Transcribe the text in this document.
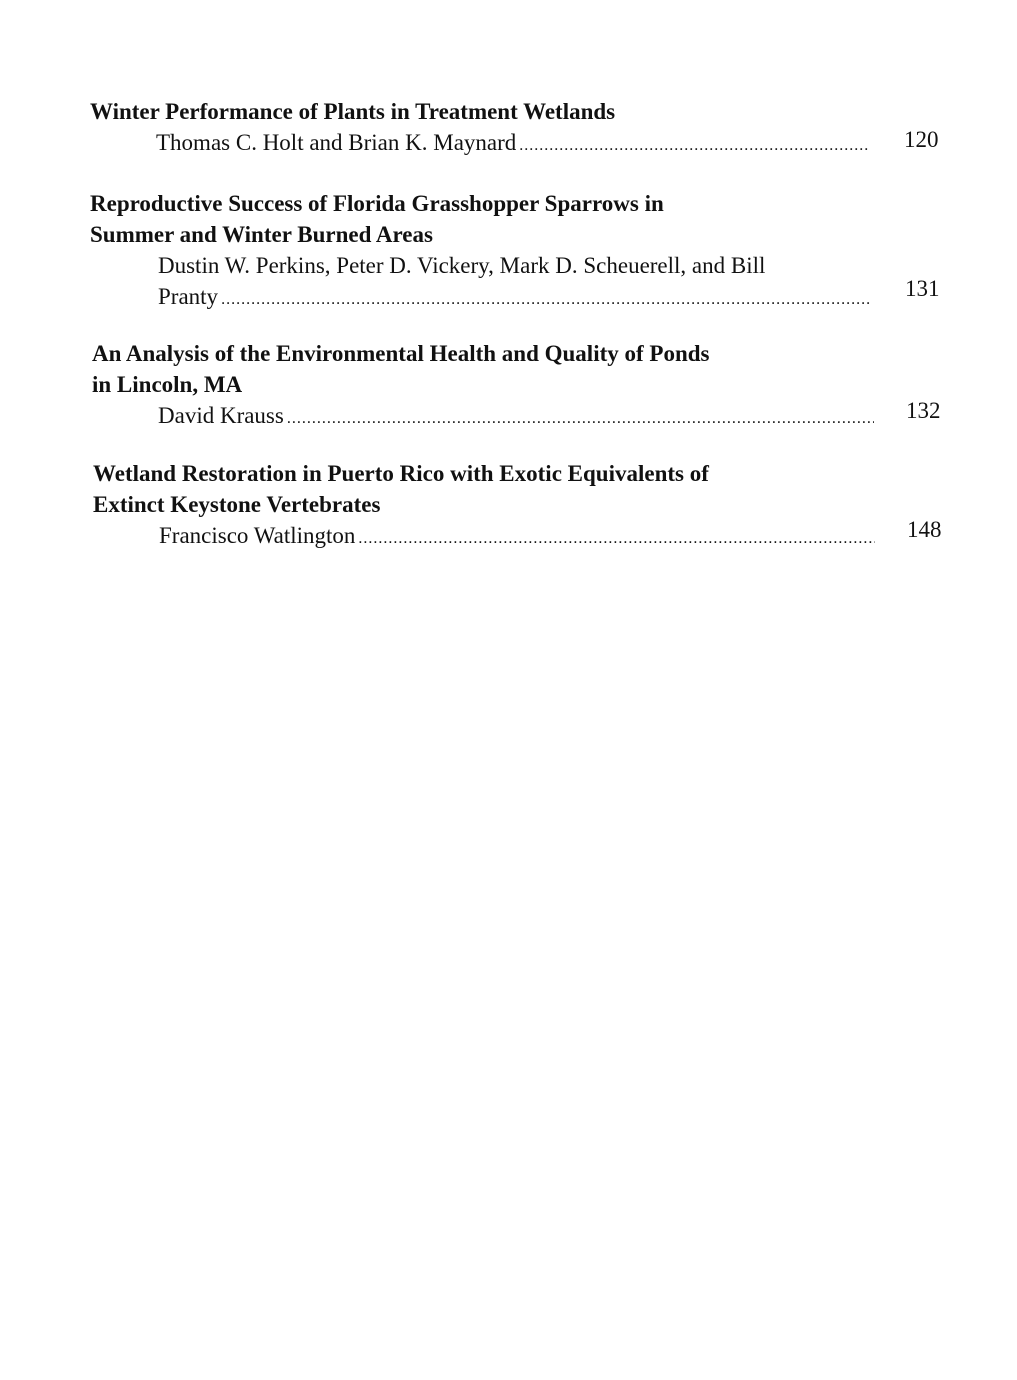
Winter Performance of Plants in Treatment Wetlands
Thomas C. Holt and Brian K. Maynard .....	120
Reproductive Success of Florida Grasshopper Sparrows in
Summer and Winter Burned Areas
Dustin W. Perkins, Peter D. Vickery, Mark D. Scheuerell, and Bill
Pranty .....	131
An Analysis of the Environmental Health and Quality of Ponds
in Lincoln, MA
David Krauss .....	132
Wetland Restoration in Puerto Rico with Exotic Equivalents of
Extinct Keystone Vertebrates
Francisco Watlington .....	148
